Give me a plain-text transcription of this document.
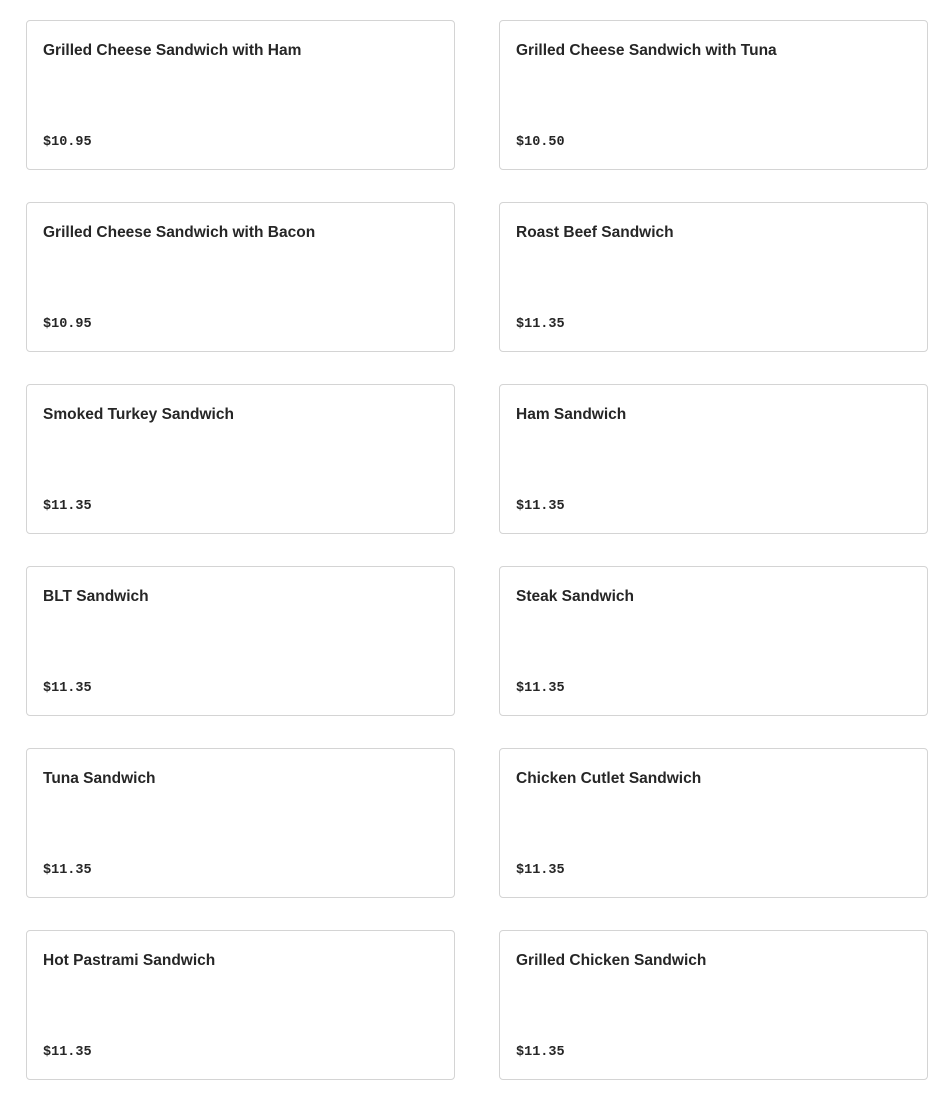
Grilled Cheese Sandwich with Ham
$10.95
Grilled Cheese Sandwich with Tuna
$10.50
Grilled Cheese Sandwich with Bacon
$10.95
Roast Beef Sandwich
$11.35
Smoked Turkey Sandwich
$11.35
Ham Sandwich
$11.35
BLT Sandwich
$11.35
Steak Sandwich
$11.35
Tuna Sandwich
$11.35
Chicken Cutlet Sandwich
$11.35
Hot Pastrami Sandwich
$11.35
Grilled Chicken Sandwich
$11.35
